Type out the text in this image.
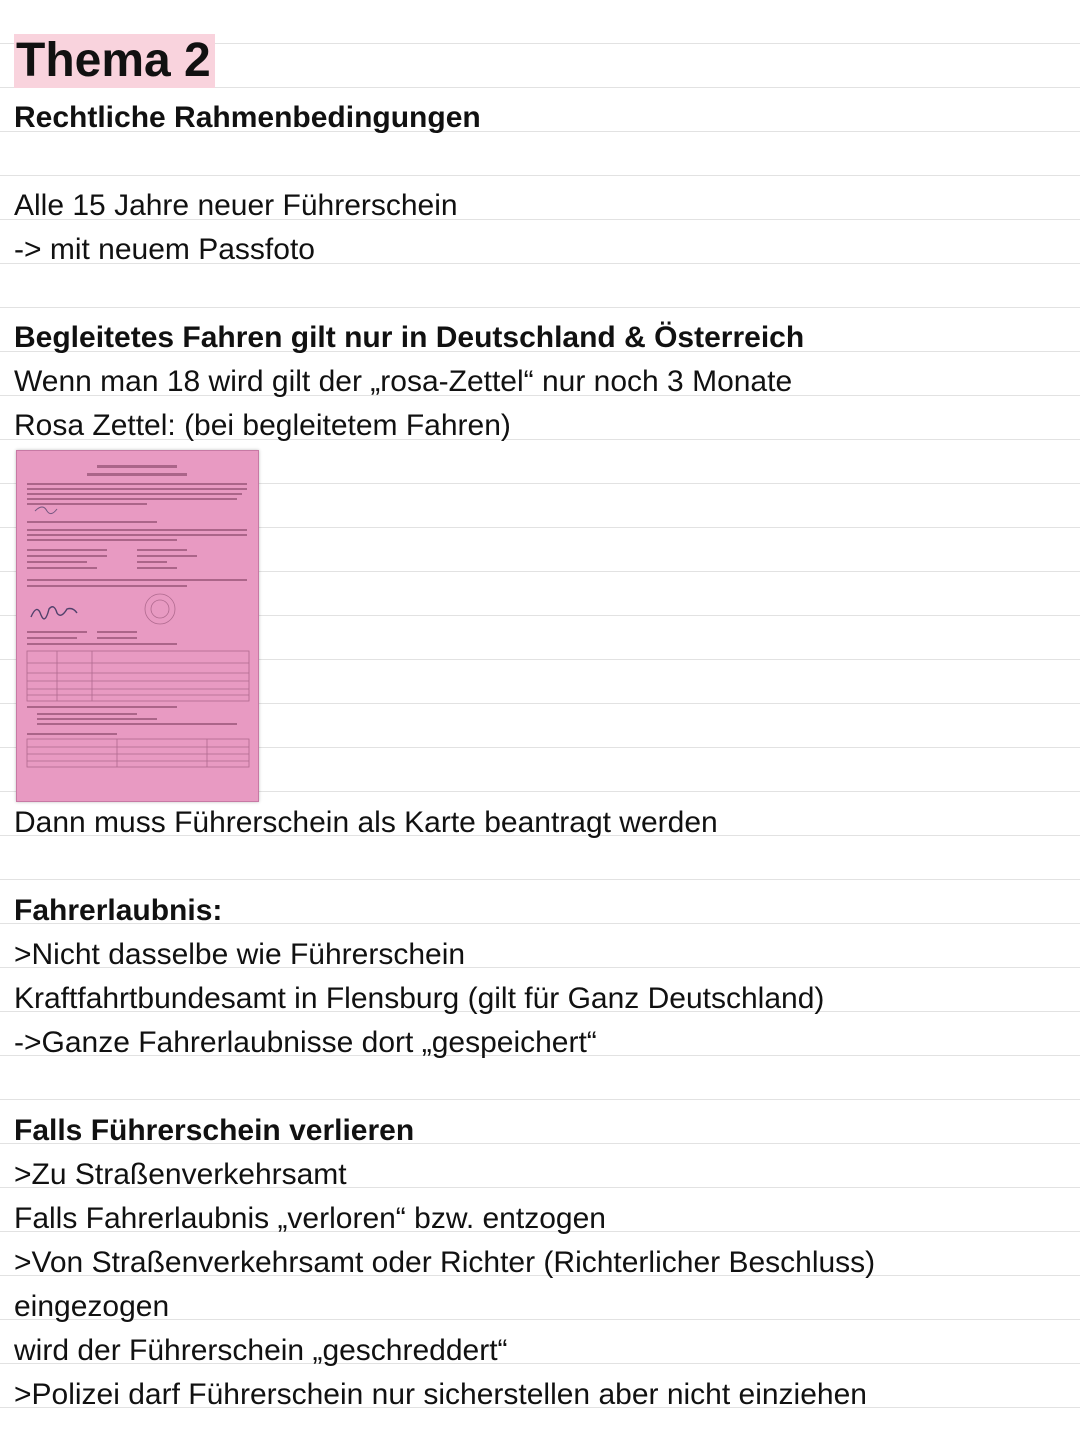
Thema 2
Rechtliche Rahmenbedingungen
Alle 15 Jahre neuer Führerschein
-> mit neuem Passfoto
Begleitetes Fahren gilt nur in Deutschland & Österreich
Wenn man 18 wird gilt der „rosa-Zettel“ nur noch 3 Monate
Rosa Zettel: (bei begleitetem Fahren)
Dann muss Führerschein als Karte beantragt werden
Fahrerlaubnis:
>Nicht dasselbe wie Führerschein
Kraftfahrtbundesamt in Flensburg (gilt für Ganz Deutschland)
->Ganze Fahrerlaubnisse dort „gespeichert“
Falls Führerschein verlieren
>Zu Straßenverkehrsamt
Falls Fahrerlaubnis „verloren“ bzw. entzogen
>Von Straßenverkehrsamt oder Richter (Richterlicher Beschluss)
eingezogen
wird der Führerschein „geschreddert“
>Polizei darf Führerschein nur sicherstellen aber nicht einziehen
